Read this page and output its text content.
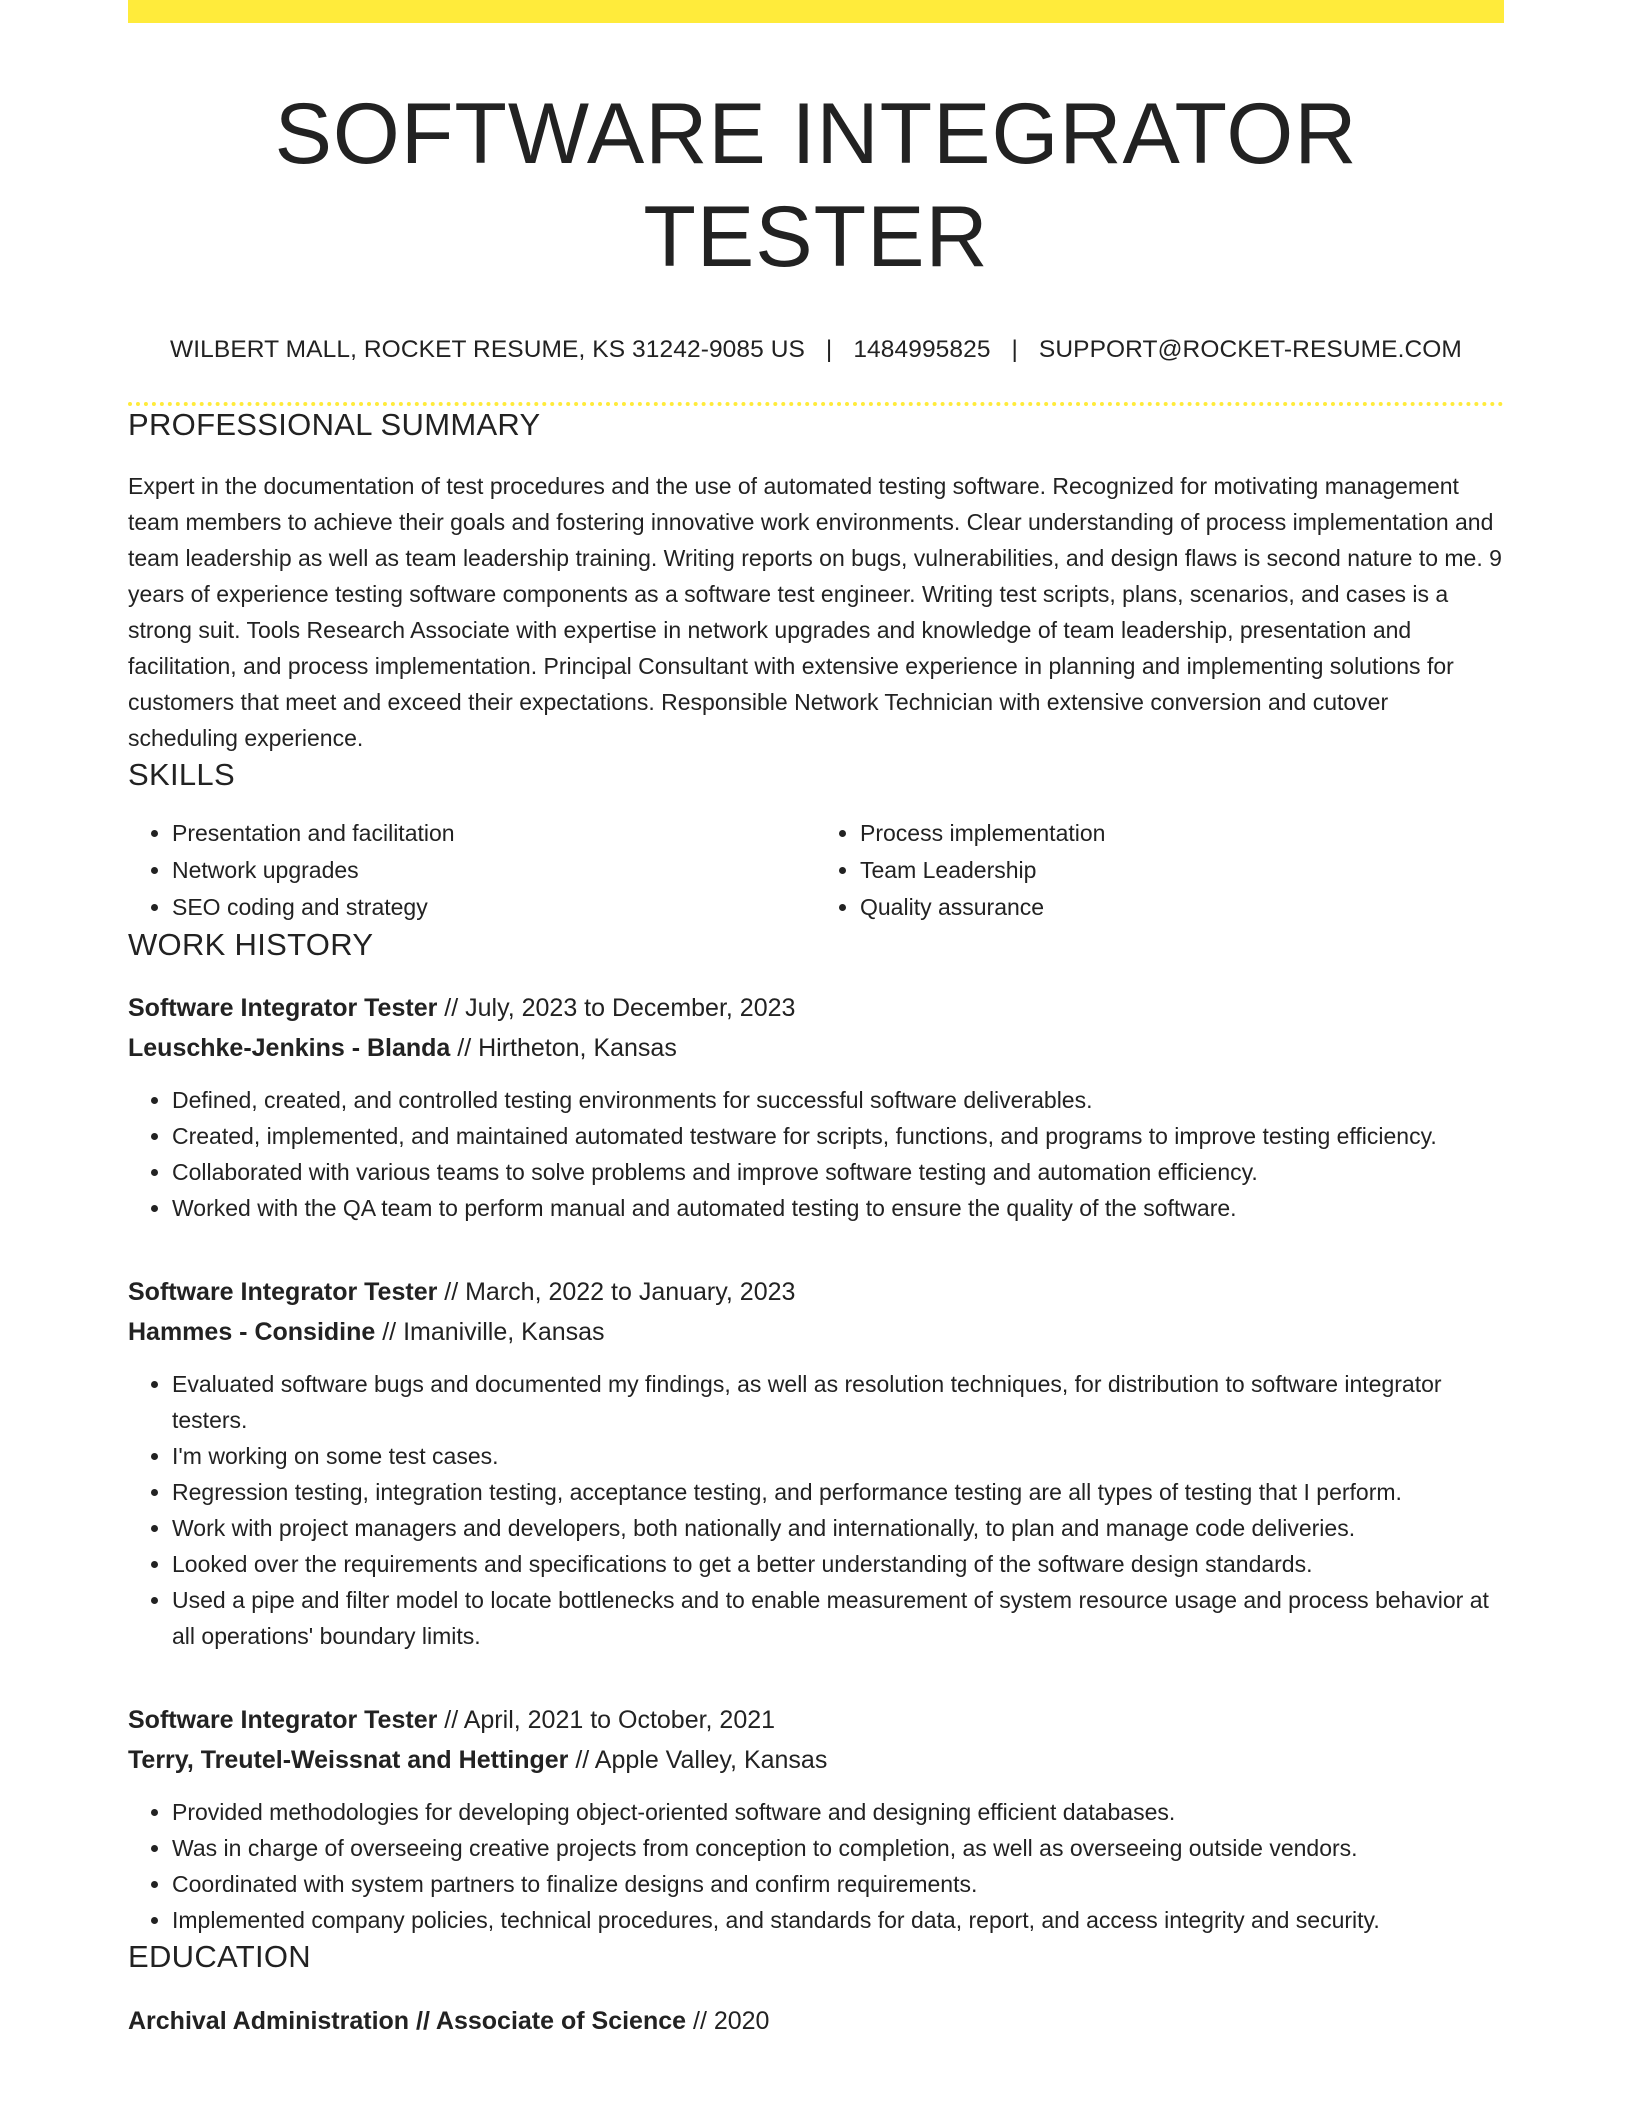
SOFTWARE INTEGRATOR TESTER
WILBERT MALL, ROCKET RESUME, KS 31242-9085 US | 1484995825 | SUPPORT@ROCKET-RESUME.COM
PROFESSIONAL SUMMARY

Expert in the documentation of test procedures and the use of automated testing software. Recognized for motivating management team members to achieve their goals and fostering innovative work environments. Clear understanding of process implementation and team leadership as well as team leadership training. Writing reports on bugs, vulnerabilities, and design flaws is second nature to me. 9 years of experience testing software components as a software test engineer. Writing test scripts, plans, scenarios, and cases is a strong suit. Tools Research Associate with expertise in network upgrades and knowledge of team leadership, presentation and facilitation, and process implementation. Principal Consultant with extensive experience in planning and implementing solutions for customers that meet and exceed their expectations. Responsible Network Technician with extensive conversion and cutover scheduling experience.

SKILLS
• Presentation and facilitation
• Network upgrades
• SEO coding and strategy
• Process implementation
• Team Leadership
• Quality assurance
WORK HISTORY
Software Integrator Tester // July, 2023 to December, 2023
Leuschke-Jenkins - Blanda // Hirtheton, Kansas
• Defined, created, and controlled testing environments for successful software deliverables.
• Created, implemented, and maintained automated testware for scripts, functions, and programs to improve testing efficiency.
• Collaborated with various teams to solve problems and improve software testing and automation efficiency.
• Worked with the QA team to perform manual and automated testing to ensure the quality of the software.
Software Integrator Tester // March, 2022 to January, 2023
Hammes - Considine // Imaniville, Kansas
• Evaluated software bugs and documented my findings, as well as resolution techniques, for distribution to software integrator testers.
• I'm working on some test cases.
• Regression testing, integration testing, acceptance testing, and performance testing are all types of testing that I perform.
• Work with project managers and developers, both nationally and internationally, to plan and manage code deliveries.
• Looked over the requirements and specifications to get a better understanding of the software design standards.
• Used a pipe and filter model to locate bottlenecks and to enable measurement of system resource usage and process behavior at all operations' boundary limits.
Software Integrator Tester // April, 2021 to October, 2021
Terry, Treutel-Weissnat and Hettinger // Apple Valley, Kansas
• Provided methodologies for developing object-oriented software and designing efficient databases.
• Was in charge of overseeing creative projects from conception to completion, as well as overseeing outside vendors.
• Coordinated with system partners to finalize designs and confirm requirements.
• Implemented company policies, technical procedures, and standards for data, report, and access integrity and security.
EDUCATION
Archival Administration // Associate of Science // 2020
